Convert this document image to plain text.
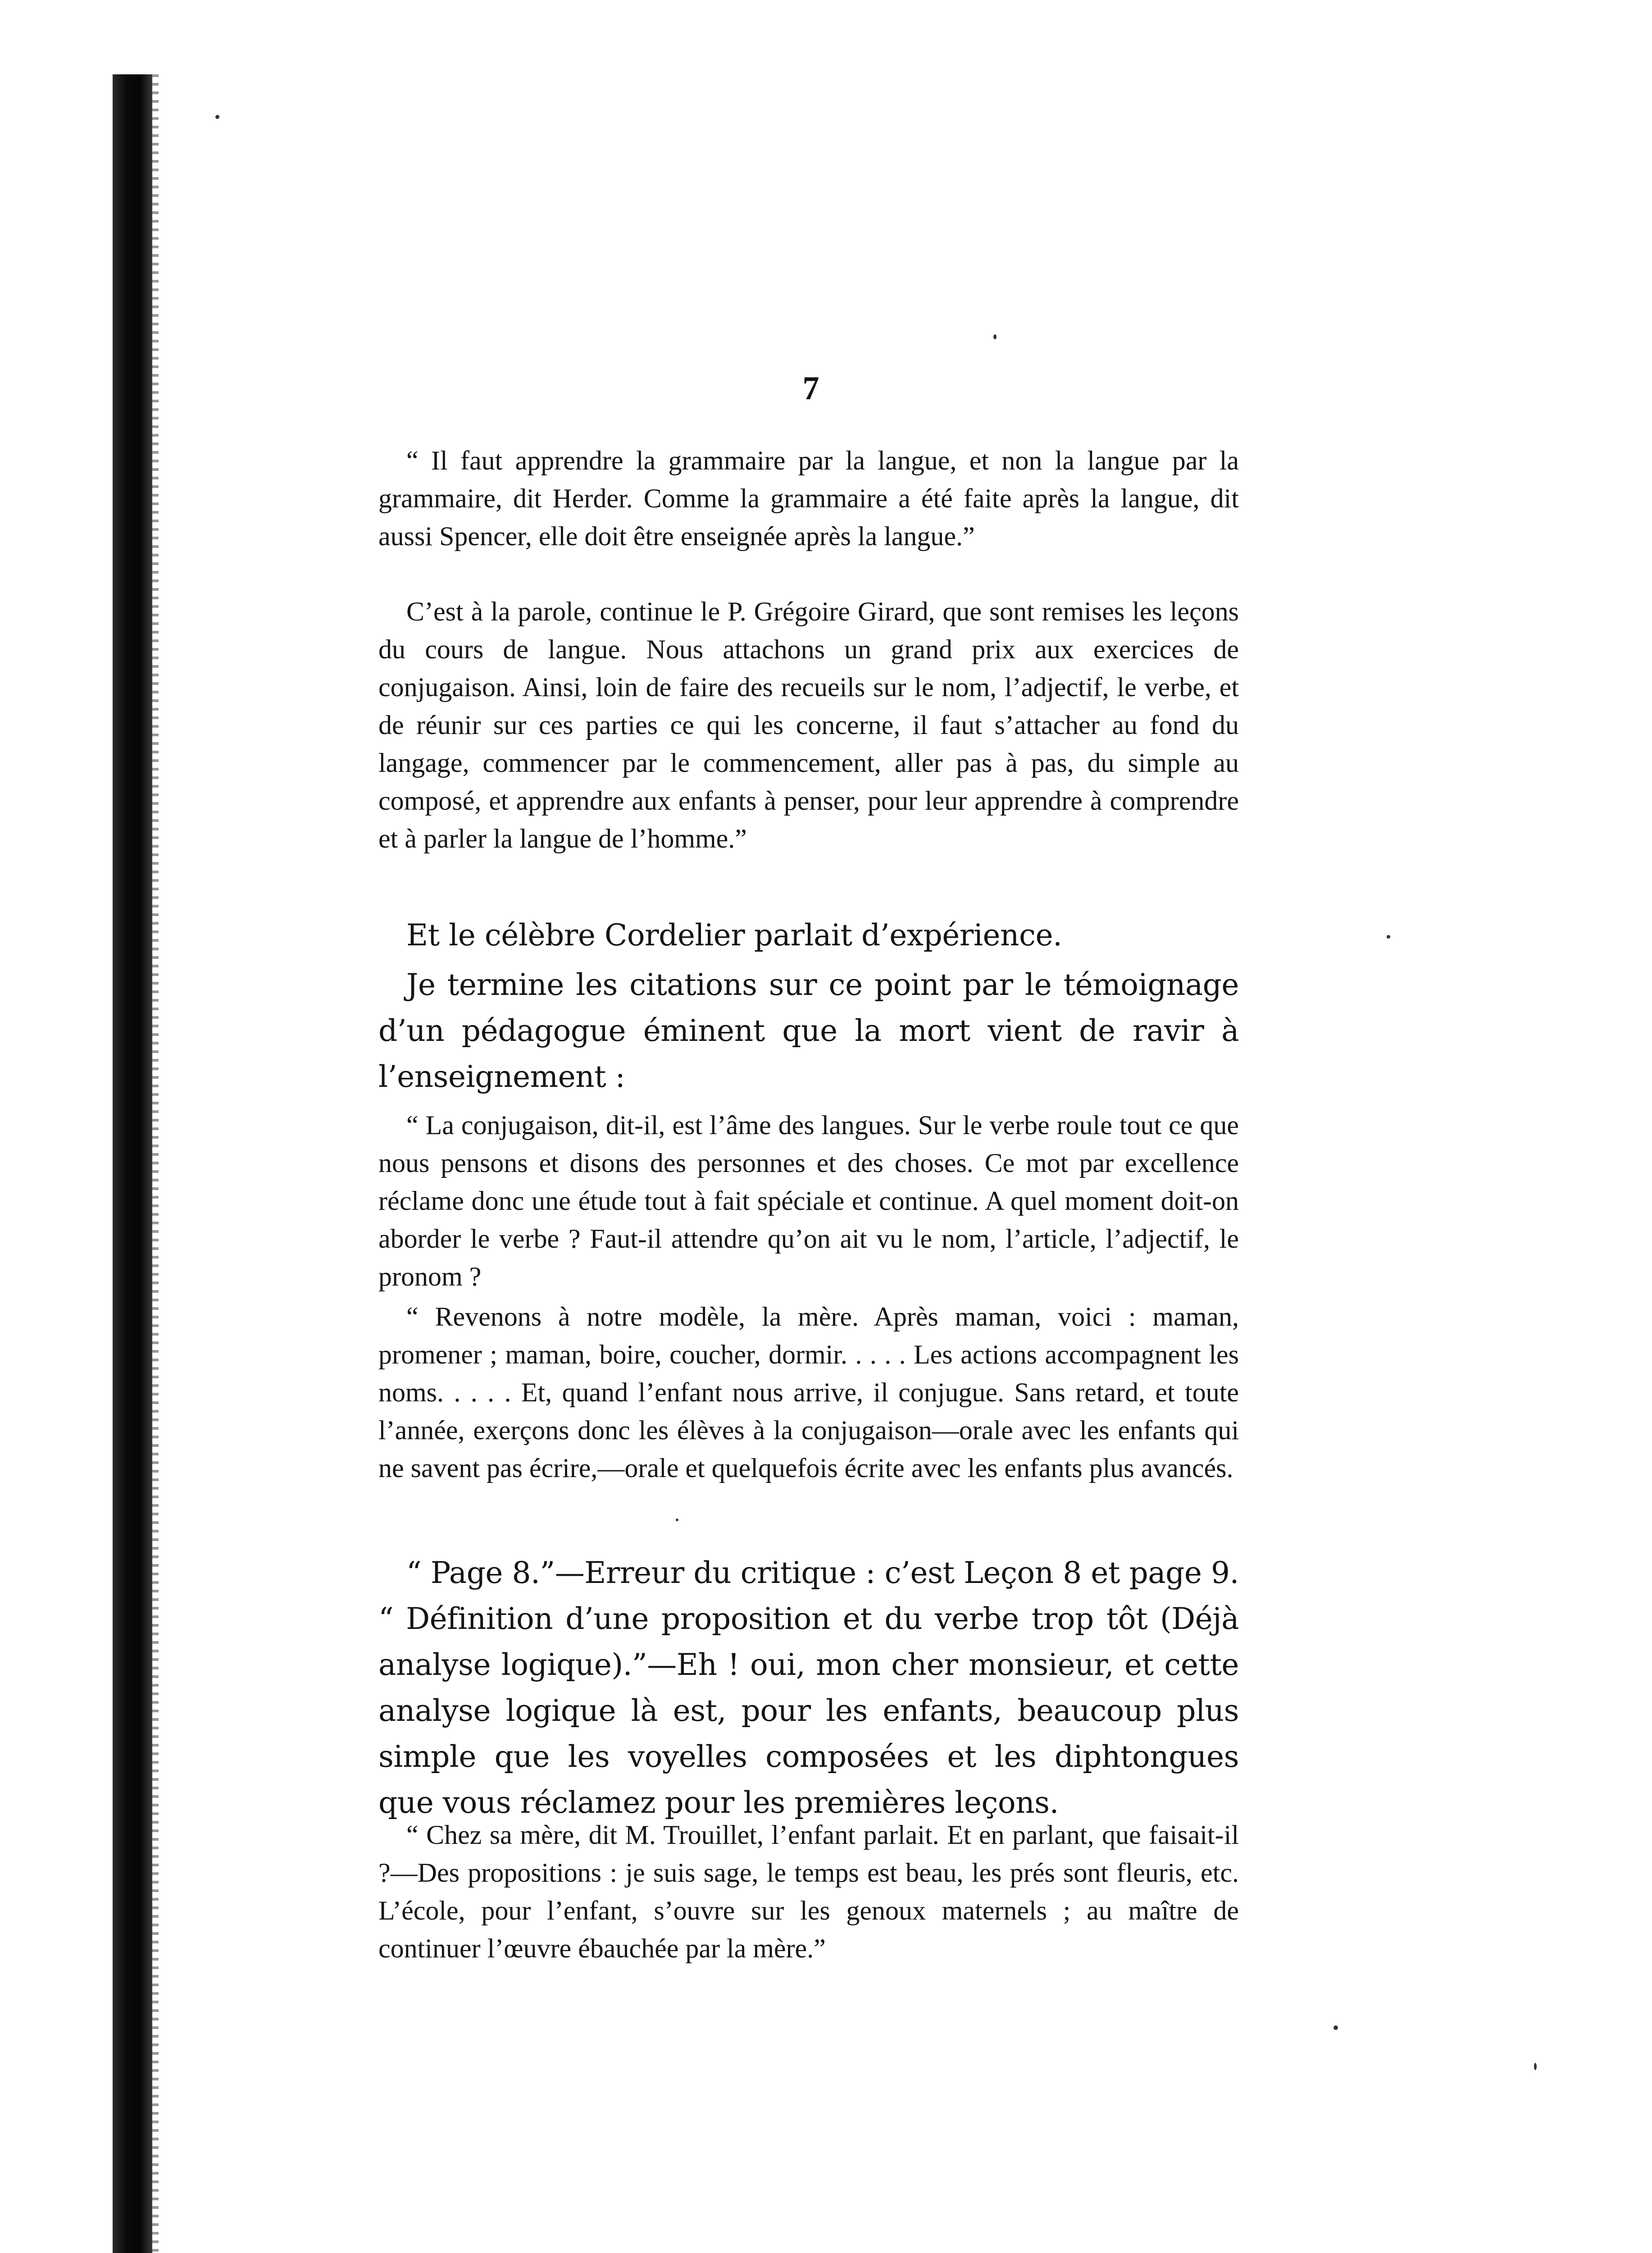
7

“ Il faut apprendre la grammaire par la langue, et non la langue par la grammaire, dit Herder. Comme la grammaire a été faite après la langue, dit aussi Spencer, elle doit être enseignée après la langue.”

C’est à la parole, continue le P. Grégoire Girard, que sont remises les leçons du cours de langue. Nous attachons un grand prix aux exercices de conjugaison. Ainsi, loin de faire des recueils sur le nom, l’adjectif, le verbe, et de réunir sur ces parties ce qui les concerne, il faut s’attacher au fond du langage, commencer par le commencement, aller pas à pas, du simple au composé, et apprendre aux enfants à penser, pour leur apprendre à comprendre et à parler la langue de l’homme.”

Et le célèbre Cordelier parlait d’expérience.

Je termine les citations sur ce point par le témoignage d’un pédagogue éminent que la mort vient de ravir à l’enseignement :

“ La conjugaison, dit-il, est l’âme des langues. Sur le verbe roule tout ce que nous pensons et disons des personnes et des choses. Ce mot par excellence réclame donc une étude tout à fait spéciale et continue. A quel moment doit-on aborder le verbe ? Faut-il attendre qu’on ait vu le nom, l’article, l’adjectif, le pronom ?

“ Revenons à notre modèle, la mère. Après maman, voici : maman, promener ; maman, boire, coucher, dormir. . . . . Les actions accompagnent les noms. . . . . Et, quand l’enfant nous arrive, il conjugue. Sans retard, et toute l’année, exerçons donc les élèves à la conjugaison—orale avec les enfants qui ne savent pas écrire,—orale et quelquefois écrite avec les enfants plus avancés.

“ Page 8.”—Erreur du critique : c’est Leçon 8 et page 9. “ Définition d’une proposition et du verbe trop tôt (Déjà analyse logique).”—Eh ! oui, mon cher monsieur, et cette analyse logique là est, pour les enfants, beaucoup plus simple que les voyelles composées et les diphtongues que vous réclamez pour les premières leçons.

“ Chez sa mère, dit M. Trouillet, l’enfant parlait. Et en parlant, que faisait-il ?—Des propositions : je suis sage, le temps est beau, les prés sont fleuris, etc. L’école, pour l’enfant, s’ouvre sur les genoux maternels ; au maître de continuer l’œuvre ébauchée par la mère.”
